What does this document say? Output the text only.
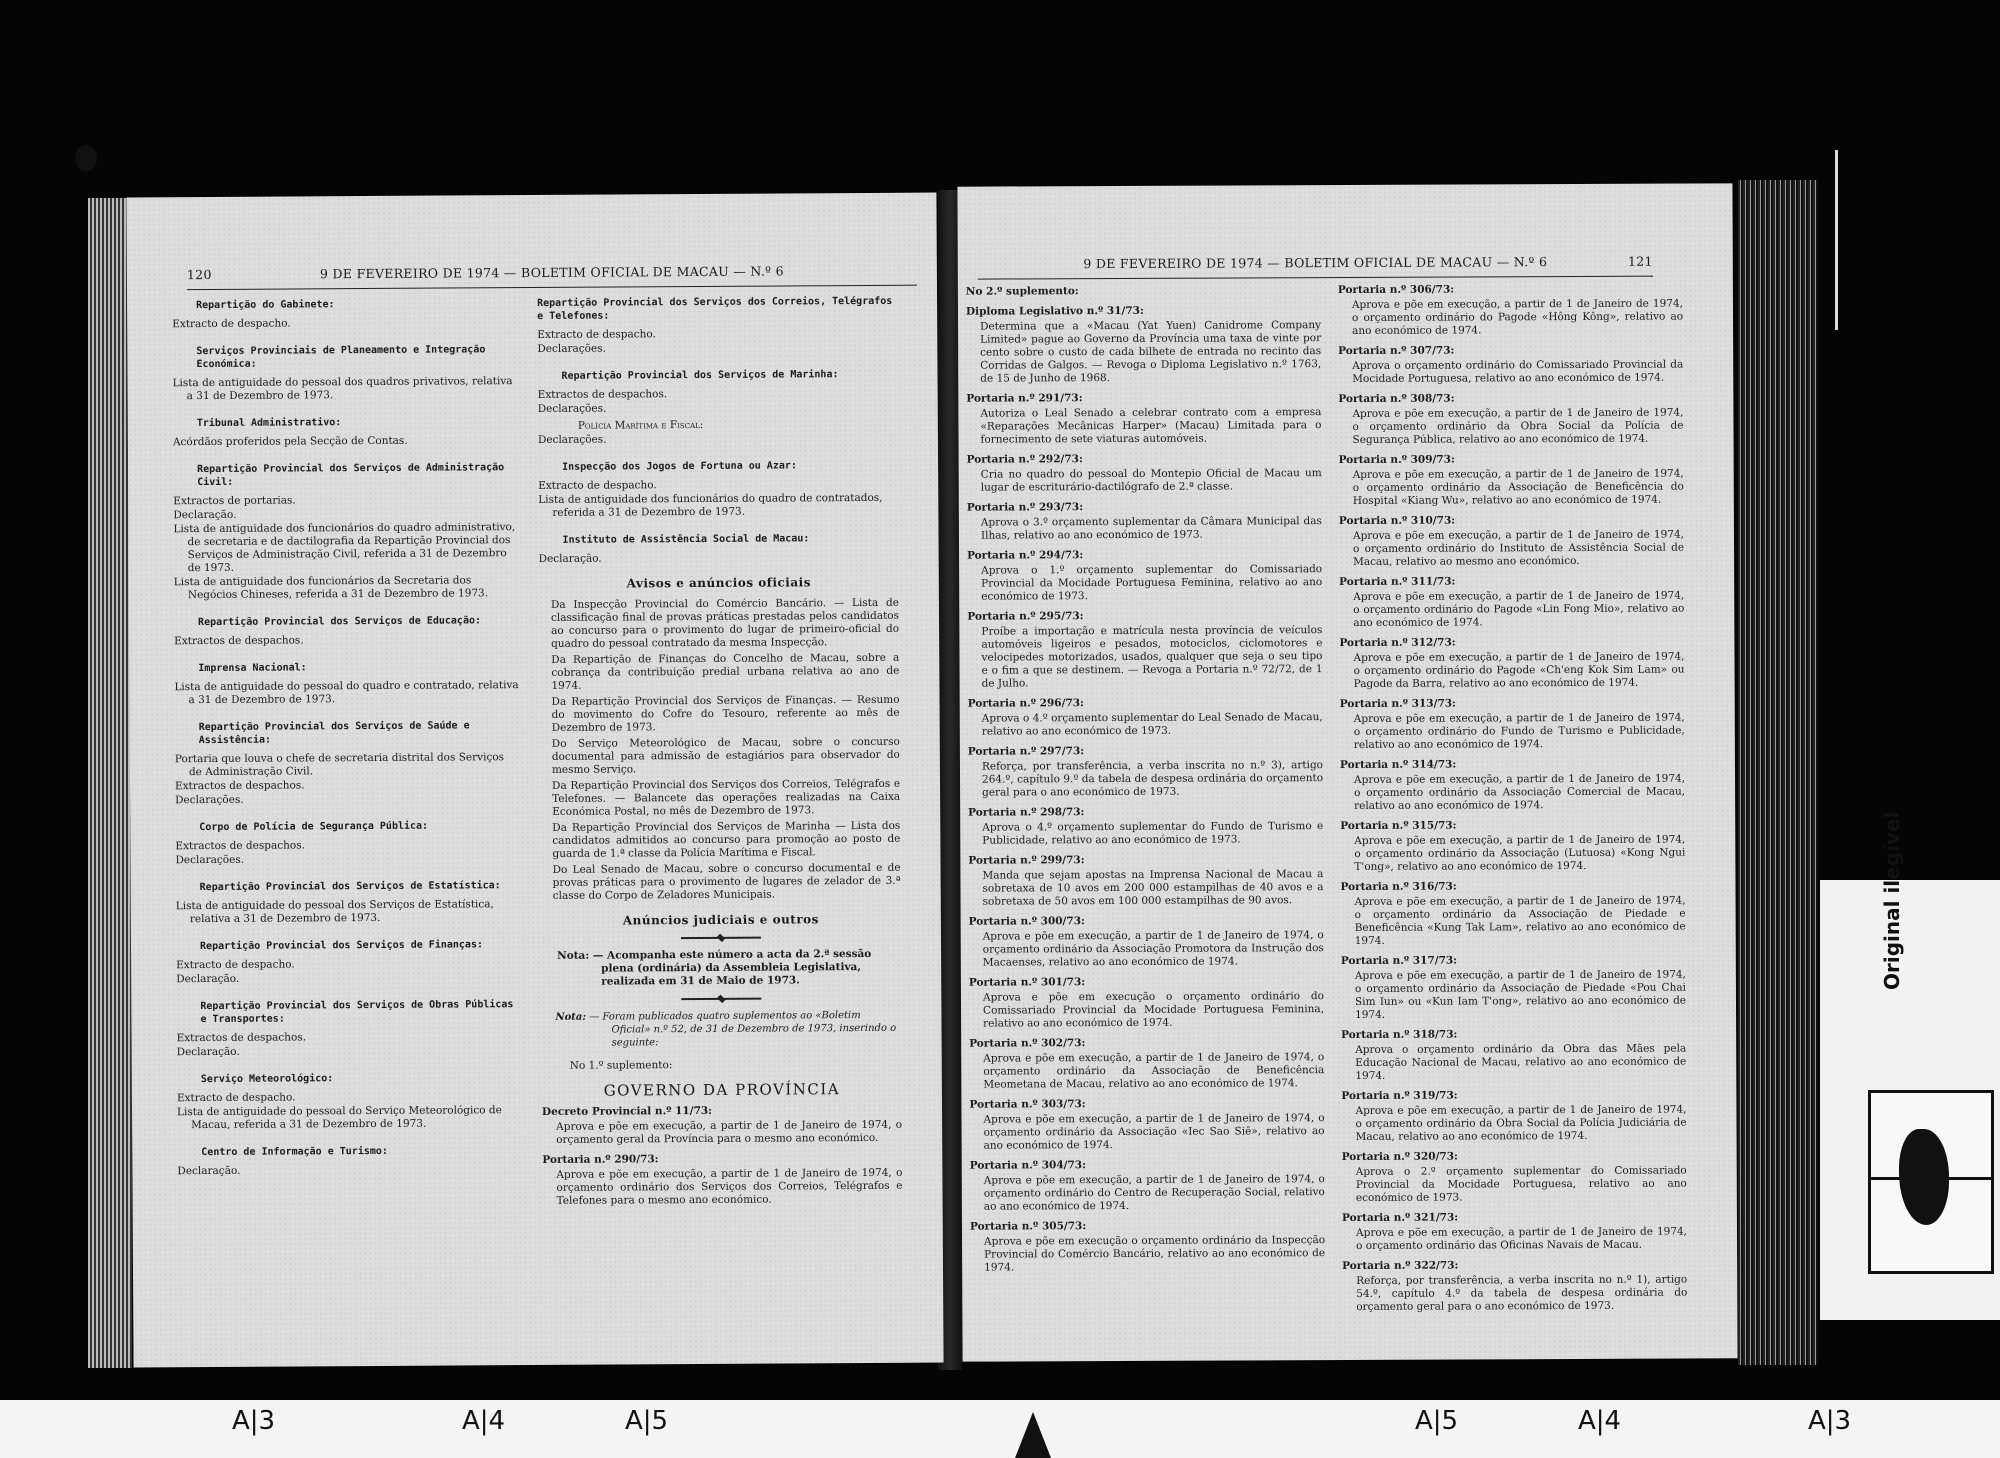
120	9 DE FEVEREIRO DE 1974 — BOLETIM OFICIAL DE MACAU — N.º 6
Repartição do Gabinete:
Extracto de despacho.
Serviços Provinciais de Planeamento e Integração Económica:
Lista de antiguidade do pessoal dos quadros privativos, relativa a 31 de Dezembro de 1973.
Tribunal Administrativo:
Acórdãos proferidos pela Secção de Contas.
Repartição Provincial dos Serviços de Administração Civil:
Extractos de portarias.
Declaração.
Lista de antiguidade dos funcionários do quadro administrativo, de secretaria e de dactilografia da Repartição Provincial dos Serviços de Administração Civil, referida a 31 de Dezembro de 1973.
Lista de antiguidade dos funcionários da Secretaria dos Negócios Chineses, referida a 31 de Dezembro de 1973.
Repartição Provincial dos Serviços de Educação:
Extractos de despachos.
Imprensa Nacional:
Lista de antiguidade do pessoal do quadro e contratado, relativa a 31 de Dezembro de 1973.
Repartição Provincial dos Serviços de Saúde e Assistência:
Portaria que louva o chefe de secretaria distrital dos Serviços de Administração Civil.
Extractos de despachos.
Declarações.
Corpo de Polícia de Segurança Pública:
Extractos de despachos.
Declarações.
Repartição Provincial dos Serviços de Estatística:
Lista de antiguidade do pessoal dos Serviços de Estatística, relativa a 31 de Dezembro de 1973.
Repartição Provincial dos Serviços de Finanças:
Extracto de despacho.
Declaração.
Repartição Provincial dos Serviços de Obras Públicas e Transportes:
Extractos de despachos.
Declaração.
Serviço Meteorológico:
Extracto de despacho.
Lista de antiguidade do pessoal do Serviço Meteorológico de Macau, referida a 31 de Dezembro de 1973.
Centro de Informação e Turismo:
Declaração.
Repartição Provincial dos Serviços dos Correios, Telégrafos e Telefones:
Extracto de despacho.
Declarações.
Repartição Provincial dos Serviços de Marinha:
Extractos de despachos.
Declarações.
Polícia Marítima e Fiscal:
Declarações.
Inspecção dos Jogos de Fortuna ou Azar:
Extracto de despacho.
Lista de antiguidade dos funcionários do quadro de contratados, referida a 31 de Dezembro de 1973.
Instituto de Assistência Social de Macau:
Declaração.
Avisos e anúncios oficiais
Da Inspecção Provincial do Comércio Bancário. — Lista de classificação final de provas práticas prestadas pelos candidatos ao concurso para o provimento do lugar de primeiro-oficial do quadro do pessoal contratado da mesma Inspecção.
Da Repartição de Finanças do Concelho de Macau, sobre a cobrança da contribuição predial urbana relativa ao ano de 1974.
Da Repartição Provincial dos Serviços de Finanças. — Resumo do movimento do Cofre do Tesouro, referente ao mês de Dezembro de 1973.
Do Serviço Meteorológico de Macau, sobre o concurso documental para admissão de estagiários para observador do mesmo Serviço.
Da Repartição Provincial dos Serviços dos Correios, Telégrafos e Telefones. — Balancete das operações realizadas na Caixa Económica Postal, no mês de Dezembro de 1973.
Da Repartição Provincial dos Serviços de Marinha — Lista dos candidatos admitidos ao concurso para promoção ao posto de guarda de 1.ª classe da Polícia Marítima e Fiscal.
Do Leal Senado de Macau, sobre o concurso documental e de provas práticas para o provimento de lugares de zelador de 3.ª classe do Corpo de Zeladores Municipais.
Anúncios judiciais e outros
Nota: — Acompanha este número a acta da 2.ª sessão plena (ordinária) da Assembleia Legislativa, realizada em 31 de Maio de 1973.
Nota: — Foram publicados quatro suplementos ao «Boletim Oficial» n.º 52, de 31 de Dezembro de 1973, inserindo o seguinte:
No 1.º suplemento:
GOVERNO DA PROVÍNCIA
Decreto Provincial n.º 11/73:
Aprova e põe em execução, a partir de 1 de Janeiro de 1974, o orçamento geral da Província para o mesmo ano económico.
Portaria n.º 290/73:
Aprova e põe em execução, a partir de 1 de Janeiro de 1974, o orçamento ordinário dos Serviços dos Correios, Telégrafos e Telefones para o mesmo ano económico.
9 DE FEVEREIRO DE 1974 — BOLETIM OFICIAL DE MACAU — N.º 6	121
No 2.º suplemento:
Diploma Legislativo n.º 31/73:
Determina que a «Macau (Yat Yuen) Canidrome Company Limited» pague ao Governo da Província uma taxa de vinte por cento sobre o custo de cada bilhete de entrada no recinto das Corridas de Galgos. — Revoga o Diploma Legislativo n.º 1763, de 15 de Junho de 1968.
Portaria n.º 291/73:
Autoriza o Leal Senado a celebrar contrato com a empresa «Reparações Mecânicas Harper» (Macau) Limitada para o fornecimento de sete viaturas automóveis.
Portaria n.º 292/73:
Cria no quadro do pessoal do Montepio Oficial de Macau um lugar de escriturário-dactilógrafo de 2.ª classe.
Portaria n.º 293/73:
Aprova o 3.º orçamento suplementar da Câmara Municipal das Ilhas, relativo ao ano económico de 1973.
Portaria n.º 294/73:
Aprova o 1.º orçamento suplementar do Comissariado Provincial da Mocidade Portuguesa Feminina, relativo ao ano económico de 1973.
Portaria n.º 295/73:
Proíbe a importação e matrícula nesta província de veículos automóveis ligeiros e pesados, motociclos, ciclomotores e velocipedes motorizados, usados, qualquer que seja o seu tipo e o fim a que se destinem. — Revoga a Portaria n.º 72/72, de 1 de Julho.
Portaria n.º 296/73:
Aprova o 4.º orçamento suplementar do Leal Senado de Macau, relativo ao ano económico de 1973.
Portaria n.º 297/73:
Reforça, por transferência, a verba inscrita no n.º 3), artigo 264.º, capítulo 9.º da tabela de despesa ordinária do orçamento geral para o ano económico de 1973.
Portaria n.º 298/73:
Aprova o 4.º orçamento suplementar do Fundo de Turismo e Publicidade, relativo ao ano económico de 1973.
Portaria n.º 299/73:
Manda que sejam apostas na Imprensa Nacional de Macau a sobretaxa de 10 avos em 200 000 estampilhas de 40 avos e a sobretaxa de 50 avos em 100 000 estampilhas de 90 avos.
Portaria n.º 300/73:
Aprova e põe em execução, a partir de 1 de Janeiro de 1974, o orçamento ordinário da Associação Promotora da Instrução dos Macaenses, relativo ao ano económico de 1974.
Portaria n.º 301/73:
Aprova e põe em execução o orçamento ordinário do Comissariado Provincial da Mocidade Portuguesa Feminina, relativo ao ano económico de 1974.
Portaria n.º 302/73:
Aprova e põe em execução, a partir de 1 de Janeiro de 1974, o orçamento ordinário da Associação de Beneficência Meometana de Macau, relativo ao ano económico de 1974.
Portaria n.º 303/73:
Aprova e põe em execução, a partir de 1 de Janeiro de 1974, o orçamento ordinário da Associação «Iec Sao Siê», relativo ao ano económico de 1974.
Portaria n.º 304/73:
Aprova e põe em execução, a partir de 1 de Janeiro de 1974, o orçamento ordinário do Centro de Recuperação Social, relativo ao ano económico de 1974.
Portaria n.º 305/73:
Aprova e põe em execução o orçamento ordinário da Inspecção Provincial do Comércio Bancário, relativo ao ano económico de 1974.
Portaria n.º 306/73:
Aprova e põe em execução, a partir de 1 de Janeiro de 1974, o orçamento ordinário do Pagode «Hông Kông», relativo ao ano económico de 1974.
Portaria n.º 307/73:
Aprova o orçamento ordinário do Comissariado Provincial da Mocidade Portuguesa, relativo ao ano económico de 1974.
Portaria n.º 308/73:
Aprova e põe em execução, a partir de 1 de Janeiro de 1974, o orçamento ordinário da Obra Social da Polícia de Segurança Pública, relativo ao ano económico de 1974.
Portaria n.º 309/73:
Aprova e põe em execução, a partir de 1 de Janeiro de 1974, o orçamento ordinário da Associação de Beneficência do Hospital «Kiang Wu», relativo ao ano económico de 1974.
Portaria n.º 310/73:
Aprova e põe em execução, a partir de 1 de Janeiro de 1974, o orçamento ordinário do Instituto de Assistência Social de Macau, relativo ao mesmo ano económico.
Portaria n.º 311/73:
Aprova e põe em execução, a partir de 1 de Janeiro de 1974, o orçamento ordinário do Pagode «Lin Fong Mio», relativo ao ano económico de 1974.
Portaria n.º 312/73:
Aprova e põe em execução, a partir de 1 de Janeiro de 1974, o orçamento ordinário do Pagode «Ch'eng Kok Sim Lam» ou Pagode da Barra, relativo ao ano económico de 1974.
Portaria n.º 313/73:
Aprova e põe em execução, a partir de 1 de Janeiro de 1974, o orçamento ordinário do Fundo de Turismo e Publicidade, relativo ao ano económico de 1974.
Portaria n.º 314/73:
Aprova e põe em execução, a partir de 1 de Janeiro de 1974, o orçamento ordinário da Associação Comercial de Macau, relativo ao ano económico de 1974.
Portaria n.º 315/73:
Aprova e põe em execução, a partir de 1 de Janeiro de 1974, o orçamento ordinário da Associação (Lutuosa) «Kong Ngui T'ong», relativo ao ano económico de 1974.
Portaria n.º 316/73:
Aprova e põe em execução, a partir de 1 de Janeiro de 1974, o orçamento ordinário da Associação de Piedade e Beneficência «Kung Tak Lam», relativo ao ano económico de 1974.
Portaria n.º 317/73:
Aprova e põe em execução, a partir de 1 de Janeiro de 1974, o orçamento ordinário da Associação de Piedade «Pou Chai Sim Iun» ou «Kun Iam T'ong», relativo ao ano económico de 1974.
Portaria n.º 318/73:
Aprova o orçamento ordinário da Obra das Mães pela Educação Nacional de Macau, relativo ao ano económico de 1974.
Portaria n.º 319/73:
Aprova e põe em execução, a partir de 1 de Janeiro de 1974, o orçamento ordinário da Obra Social da Polícia Judiciária de Macau, relativo ao ano económico de 1974.
Portaria n.º 320/73:
Aprova o 2.º orçamento suplementar do Comissariado Provincial da Mocidade Portuguesa, relativo ao ano económico de 1973.
Portaria n.º 321/73:
Aprova e põe em execução, a partir de 1 de Janeiro de 1974, o orçamento ordinário das Oficinas Navais de Macau.
Portaria n.º 322/73:
Reforça, por transferência, a verba inscrita no n.º 1), artigo 54.º, capítulo 4.º da tabela de despesa ordinária do orçamento geral para o ano económico de 1973.
Original ilegível
A|3	A|4	A|5	A|5	A|4	A|3
